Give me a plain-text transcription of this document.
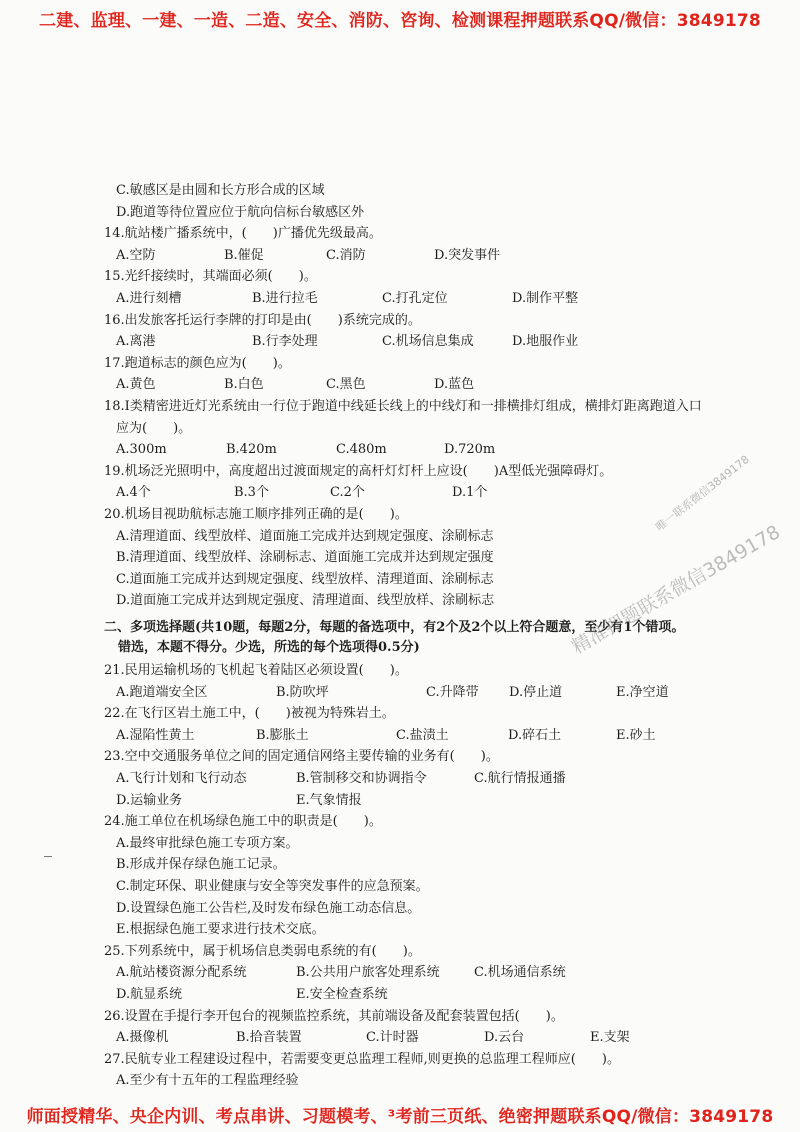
二建、监理、一建、一造、二造、安全、消防、咨询、检测课程押题联系QQ/微信：3849178
C.敏感区是由圆和长方形合成的区域
D.跑道等待位置应位于航向信标台敏感区外
14.航站楼广播系统中，(　　)广播优先级最高。
A.空防	B.催促	C.消防	D.突发事件
15.光纤接续时，其端面必须(　　)。
A.进行刻槽	B.进行拉毛	C.打孔定位	D.制作平整
16.出发旅客托运行李牌的打印是由(　　)系统完成的。
A.离港	B.行李处理	C.机场信息集成	D.地服作业
17.跑道标志的颜色应为(　　)。
A.黄色	B.白色	C.黑色	D.蓝色
18.I类精密进近灯光系统由一行位于跑道中线延长线上的中线灯和一排横排灯组成，横排灯距离跑道入口
应为(　　)。
A.300m	B.420m	C.480m	D.720m
19.机场泛光照明中，高度超出过渡面规定的高杆灯灯杆上应设(　　)A型低光强障碍灯。
A.4个	B.3个	C.2个	D.1个
20.机场目视助航标志施工顺序排列正确的是(　　)。
A.清理道面、线型放样、道面施工完成并达到规定强度、涂刷标志
B.清理道面、线型放样、涂刷标志、道面施工完成并达到规定强度
C.道面施工完成并达到规定强度、线型放样、清理道面、涂刷标志
D.道面施工完成并达到规定强度、清理道面、线型放样、涂刷标志
二、多项选择题(共10题，每题2分，每题的备选项中，有2个及2个以上符合题意，至少有1个错项。
错选，本题不得分。少选，所选的每个选项得0.5分)
21.民用运输机场的飞机起飞着陆区必须设置(　　)。
A.跑道端安全区	B.防吹坪	C.升降带 D.停止道	E.净空道
22.在飞行区岩土施工中，(　　)被视为特殊岩土。
A.湿陷性黄土	B.膨胀土	C.盐渍土	D.碎石土	E.砂土
23.空中交通服务单位之间的固定通信网络主要传输的业务有(　　)。
A.飞行计划和飞行动态	B.管制移交和协调指令	C.航行情报通播
D.运输业务	E.气象情报
24.施工单位在机场绿色施工中的职责是(　　)。
A.最终审批绿色施工专项方案。
B.形成并保存绿色施工记录。
C.制定环保、职业健康与安全等突发事件的应急预案。
D.设置绿色施工公告栏,及时发布绿色施工动态信息。
E.根据绿色施工要求进行技术交底。
25.下列系统中，属于机场信息类弱电系统的有(　　)。
A.航站楼资源分配系统	B.公共用户旅客处理系统	C.机场通信系统
D.航显系统	E.安全检查系统
26.设置在手提行李开包台的视频监控系统，其前端设备及配套装置包括(　　)。
A.摄像机	B.拾音装置	C.计时器	D.云台	E.支架
27.民航专业工程建设过程中，若需要变更总监理工程师,则更换的总监理工程师应(　　)。
A.至少有十五年的工程监理经验
唯一联系微信3849178
精准押题联系微信3849178
师面授精华、央企内训、考点串讲、习题模考、³考前三页纸、绝密押题联系QQ/微信：3849178
